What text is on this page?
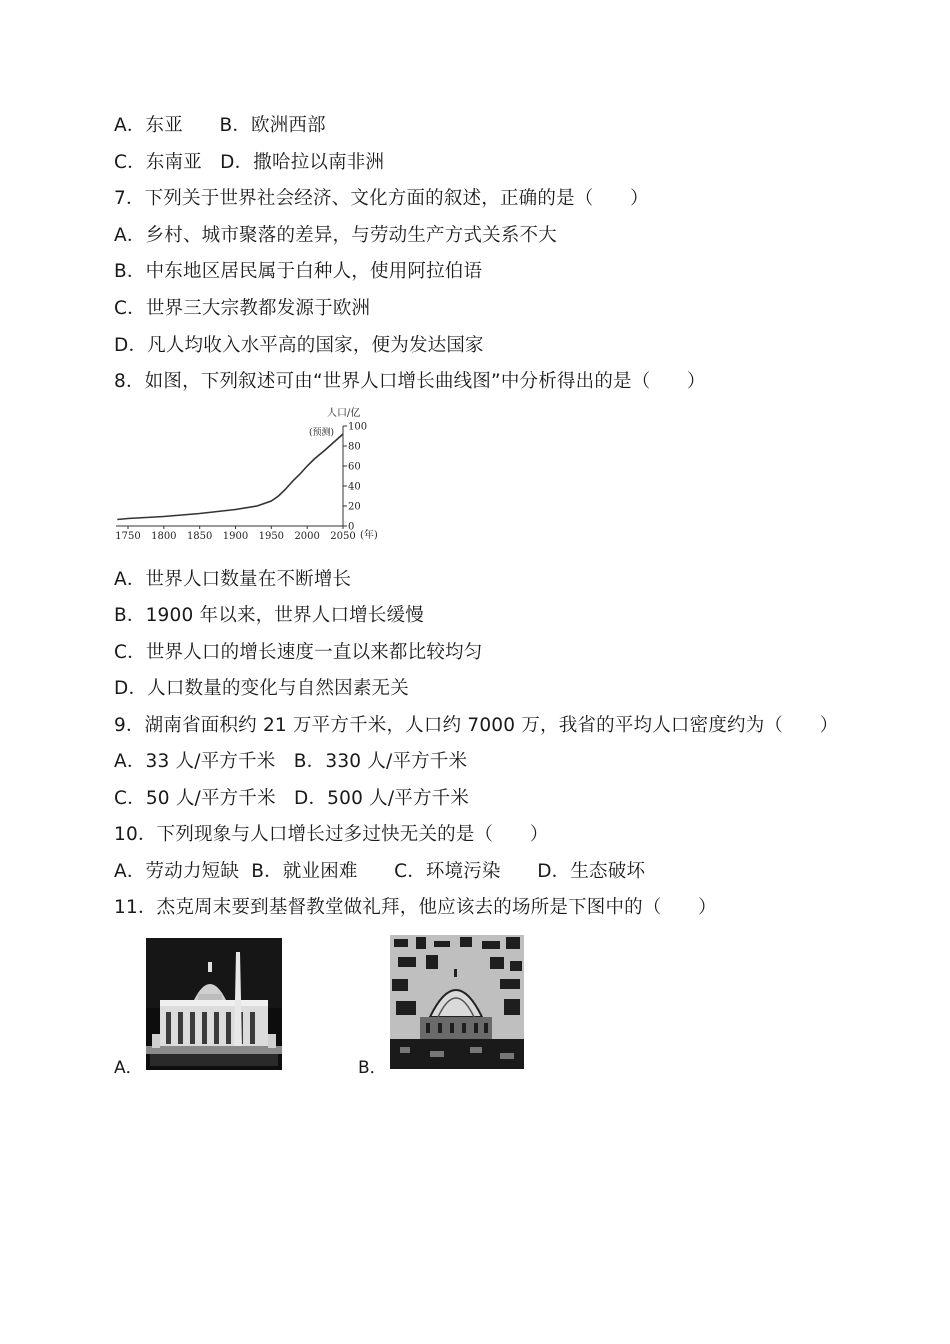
A．东亚      B．欧洲西部
C．东南亚   D．撒哈拉以南非洲
7．下列关于世界社会经济、文化方面的叙述，正确的是（      ）
A．乡村、城市聚落的差异，与劳动生产方式关系不大
B．中东地区居民属于白种人，使用阿拉伯语
C．世界三大宗教都发源于欧洲
D．凡人均收入水平高的国家，便为发达国家
8．如图，下列叙述可由“世界人口增长曲线图”中分析得出的是（      ）
人口/亿
(预测)
0
20
40
60
80
100
1750 1800 1850 1900 1950 2000 2050 (年)
A．世界人口数量在不断增长
B．1900 年以来，世界人口增长缓慢
C．世界人口的增长速度一直以来都比较均匀
D．人口数量的变化与自然因素无关
9．湖南省面积约 21 万平方千米，人口约 7000 万，我省的平均人口密度约为（      ）
A．33 人/平方千米   B．330 人/平方千米
C．50 人/平方千米   D．500 人/平方千米
10．下列现象与人口增长过多过快无关的是（      ）
A．劳动力短缺  B．就业困难      C．环境污染      D．生态破坏
11．杰克周末要到基督教堂做礼拜，他应该去的场所是下图中的（      ）
A．	B．
